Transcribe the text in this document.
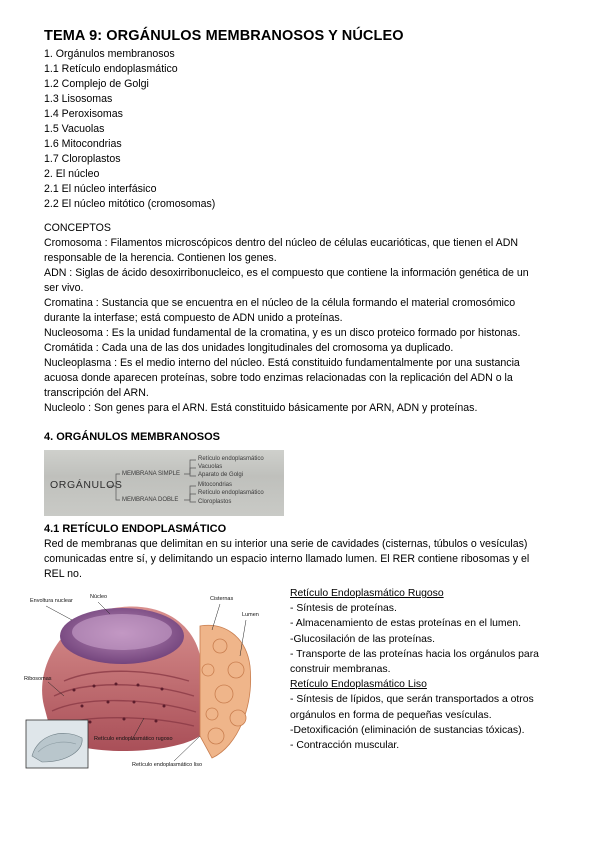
TEMA 9: ORGÁNULOS MEMBRANOSOS Y NÚCLEO
1. Orgánulos membranosos
1.1 Retículo endoplasmático
1.2 Complejo de Golgi
1.3 Lisosomas
1.4 Peroxisomas
1.5 Vacuolas
1.6 Mitocondrias
1.7 Cloroplastos
2. El núcleo
2.1 El núcleo interfásico
2.2 El núcleo mitótico (cromosomas)
CONCEPTOS
Cromosoma : Filamentos microscópicos dentro del núcleo de células eucarióticas, que tienen el ADN
responsable de la herencia. Contienen los genes.
ADN : Siglas de ácido desoxirribonucleico, es el compuesto que contiene la información genética de un
ser vivo.
Cromatina : Sustancia que se encuentra en el núcleo de la célula formando el material cromosómico
durante la interfase; está compuesto de ADN unido a proteínas.
Nucleosoma : Es la unidad fundamental de la cromatina, y es un disco proteico formado por histonas.
Cromátida : Cada una de las dos unidades longitudinales del cromosoma ya duplicado.
Nucleoplasma : Es el medio interno del núcleo. Está constituido fundamentalmente por una sustancia
acuosa donde aparecen proteínas, sobre todo enzimas relacionadas con la replicación del ADN o la
transcripción del ARN.
Nucleolo : Son genes para el ARN. Está constituido básicamente por ARN, ADN y proteínas.
4. ORGÁNULOS MEMBRANOSOS
ORGÁNULOS
MEMBRANA SIMPLE
MEMBRANA DOBLE
Retículo endoplasmático
Vacuolas
Aparato de Golgi
Mitocondrias
Retículo endoplasmático
Cloroplastos
4.1 RETÍCULO ENDOPLASMÁTICO
Red de membranas que delimitan en su interior una serie de cavidades (cisternas, túbulos o vesículas)
comunicadas entre sí, y delimitando un espacio interno llamado lumen. El RER contiene ribosomas y el
REL no.
Envoltura nuclear
Núcleo	Cisternas
Lumen
Ribosomas
Retículo endoplasmático rugoso
Retículo endoplasmático liso
Retículo Endoplasmático Rugoso
- Síntesis de proteínas.
- Almacenamiento de estas proteínas en el lumen.
-Glucosilación de las proteínas.
- Transporte de las proteínas hacia los orgánulos para
construir membranas.
Retículo Endoplasmático Liso
- Síntesis de lípidos, que serán transportados a otros
orgánulos en forma de pequeñas vesículas.
-Detoxificación (eliminación de sustancias tóxicas).
- Contracción muscular.
